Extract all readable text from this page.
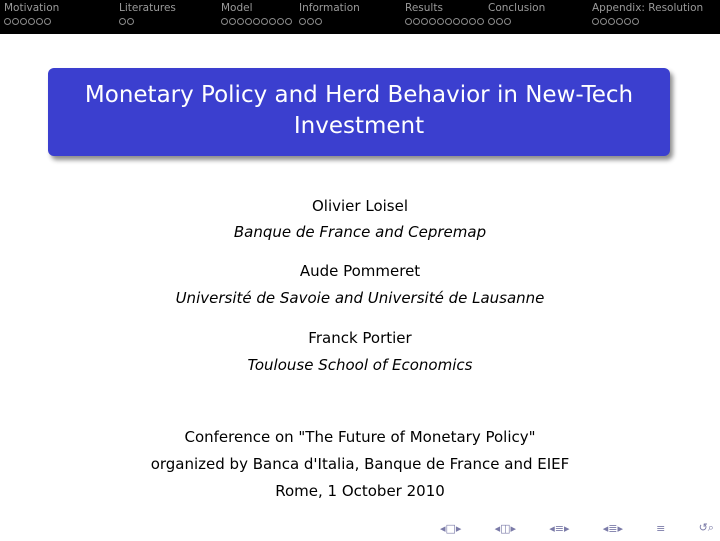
Motivation	Literatures	Model	Information	Results	Conclusion	Appendix: Resolution
Monetary Policy and Herd Behavior in New-Tech
Investment
Olivier Loisel
Banque de France and Cepremap
Aude Pommeret
Université de Savoie and Université de Lausanne
Franck Portier
Toulouse School of Economics
Conference on "The Future of Monetary Policy"
organized by Banca d'Italia, Banque de France and EIEF
Rome, 1 October 2010
◂□▸	◂◫▸	◂≡▸	◂≣▸	≡	↺⌕
